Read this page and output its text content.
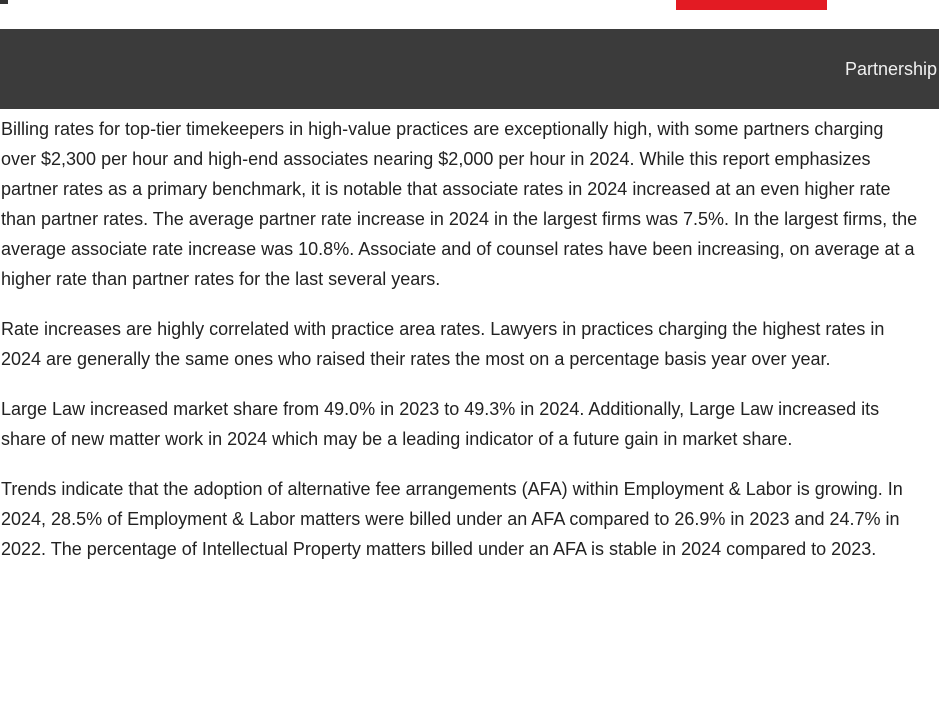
Partnership

Billing rates for top-tier timekeepers in high-value practices are exceptionally high, with some partners charging over $2,300 per hour and high-end associates nearing $2,000 per hour in 2024. While this report emphasizes partner rates as a primary benchmark, it is notable that associate rates in 2024 increased at an even higher rate than partner rates. The average partner rate increase in 2024 in the largest firms was 7.5%. In the largest firms, the average associate rate increase was 10.8%. Associate and of counsel rates have been increasing, on average at a higher rate than partner rates for the last several years.

Rate increases are highly correlated with practice area rates. Lawyers in practices charging the highest rates in 2024 are generally the same ones who raised their rates the most on a percentage basis year over year.

Large Law increased market share from 49.0% in 2023 to 49.3% in 2024. Additionally, Large Law increased its share of new matter work in 2024 which may be a leading indicator of a future gain in market share.

Trends indicate that the adoption of alternative fee arrangements (AFA) within Employment & Labor is growing. In 2024, 28.5% of Employment & Labor matters were billed under an AFA compared to 26.9% in 2023 and 24.7% in 2022. The percentage of Intellectual Property matters billed under an AFA is stable in 2024 compared to 2023.
